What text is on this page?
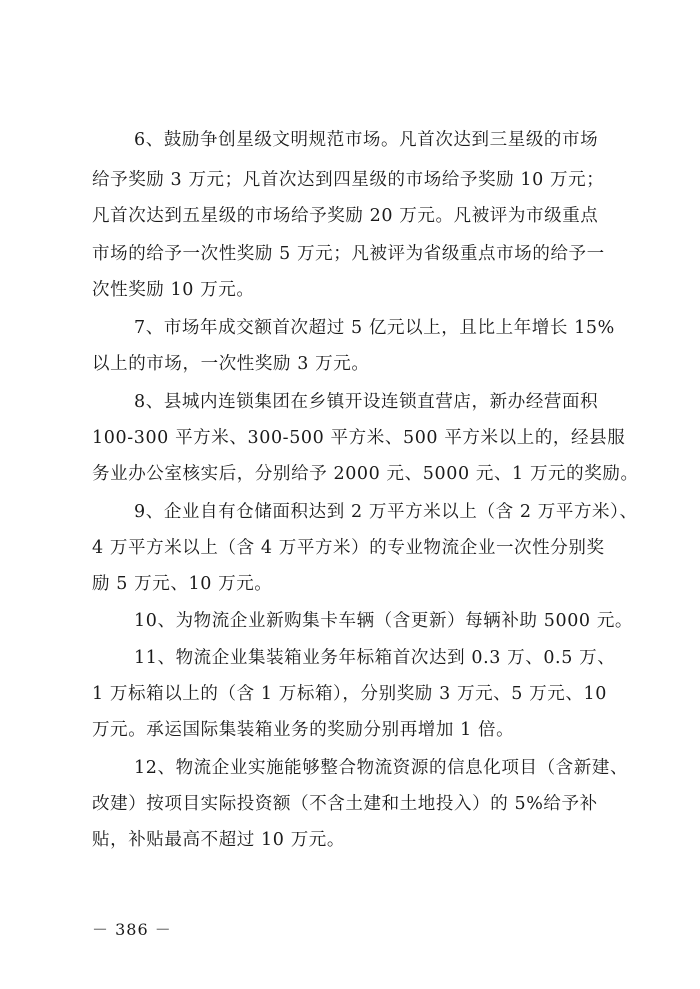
6、鼓励争创星级文明规范市场。凡首次达到三星级的市场
给予奖励 3 万元；凡首次达到四星级的市场给予奖励 10 万元；
凡首次达到五星级的市场给予奖励 20 万元。凡被评为市级重点
市场的给予一次性奖励 5 万元；凡被评为省级重点市场的给予一
次性奖励 10 万元。
7、市场年成交额首次超过 5 亿元以上，且比上年增长 15%
以上的市场，一次性奖励 3 万元。
8、县城内连锁集团在乡镇开设连锁直营店，新办经营面积
100-300 平方米、300-500 平方米、500 平方米以上的，经县服
务业办公室核实后，分别给予 2000 元、5000 元、1 万元的奖励。
9、企业自有仓储面积达到 2 万平方米以上（含 2 万平方米）、
4 万平方米以上（含 4 万平方米）的专业物流企业一次性分别奖
励 5 万元、10 万元。
10、为物流企业新购集卡车辆（含更新）每辆补助 5000 元。
11、物流企业集装箱业务年标箱首次达到 0.3 万、0.5 万、
1 万标箱以上的（含 1 万标箱），分别奖励 3 万元、5 万元、10
万元。承运国际集装箱业务的奖励分别再增加 1 倍。
12、物流企业实施能够整合物流资源的信息化项目（含新建、
改建）按项目实际投资额（不含土建和土地投入）的 5%给予补
贴，补贴最高不超过 10 万元。
－ 386 －
